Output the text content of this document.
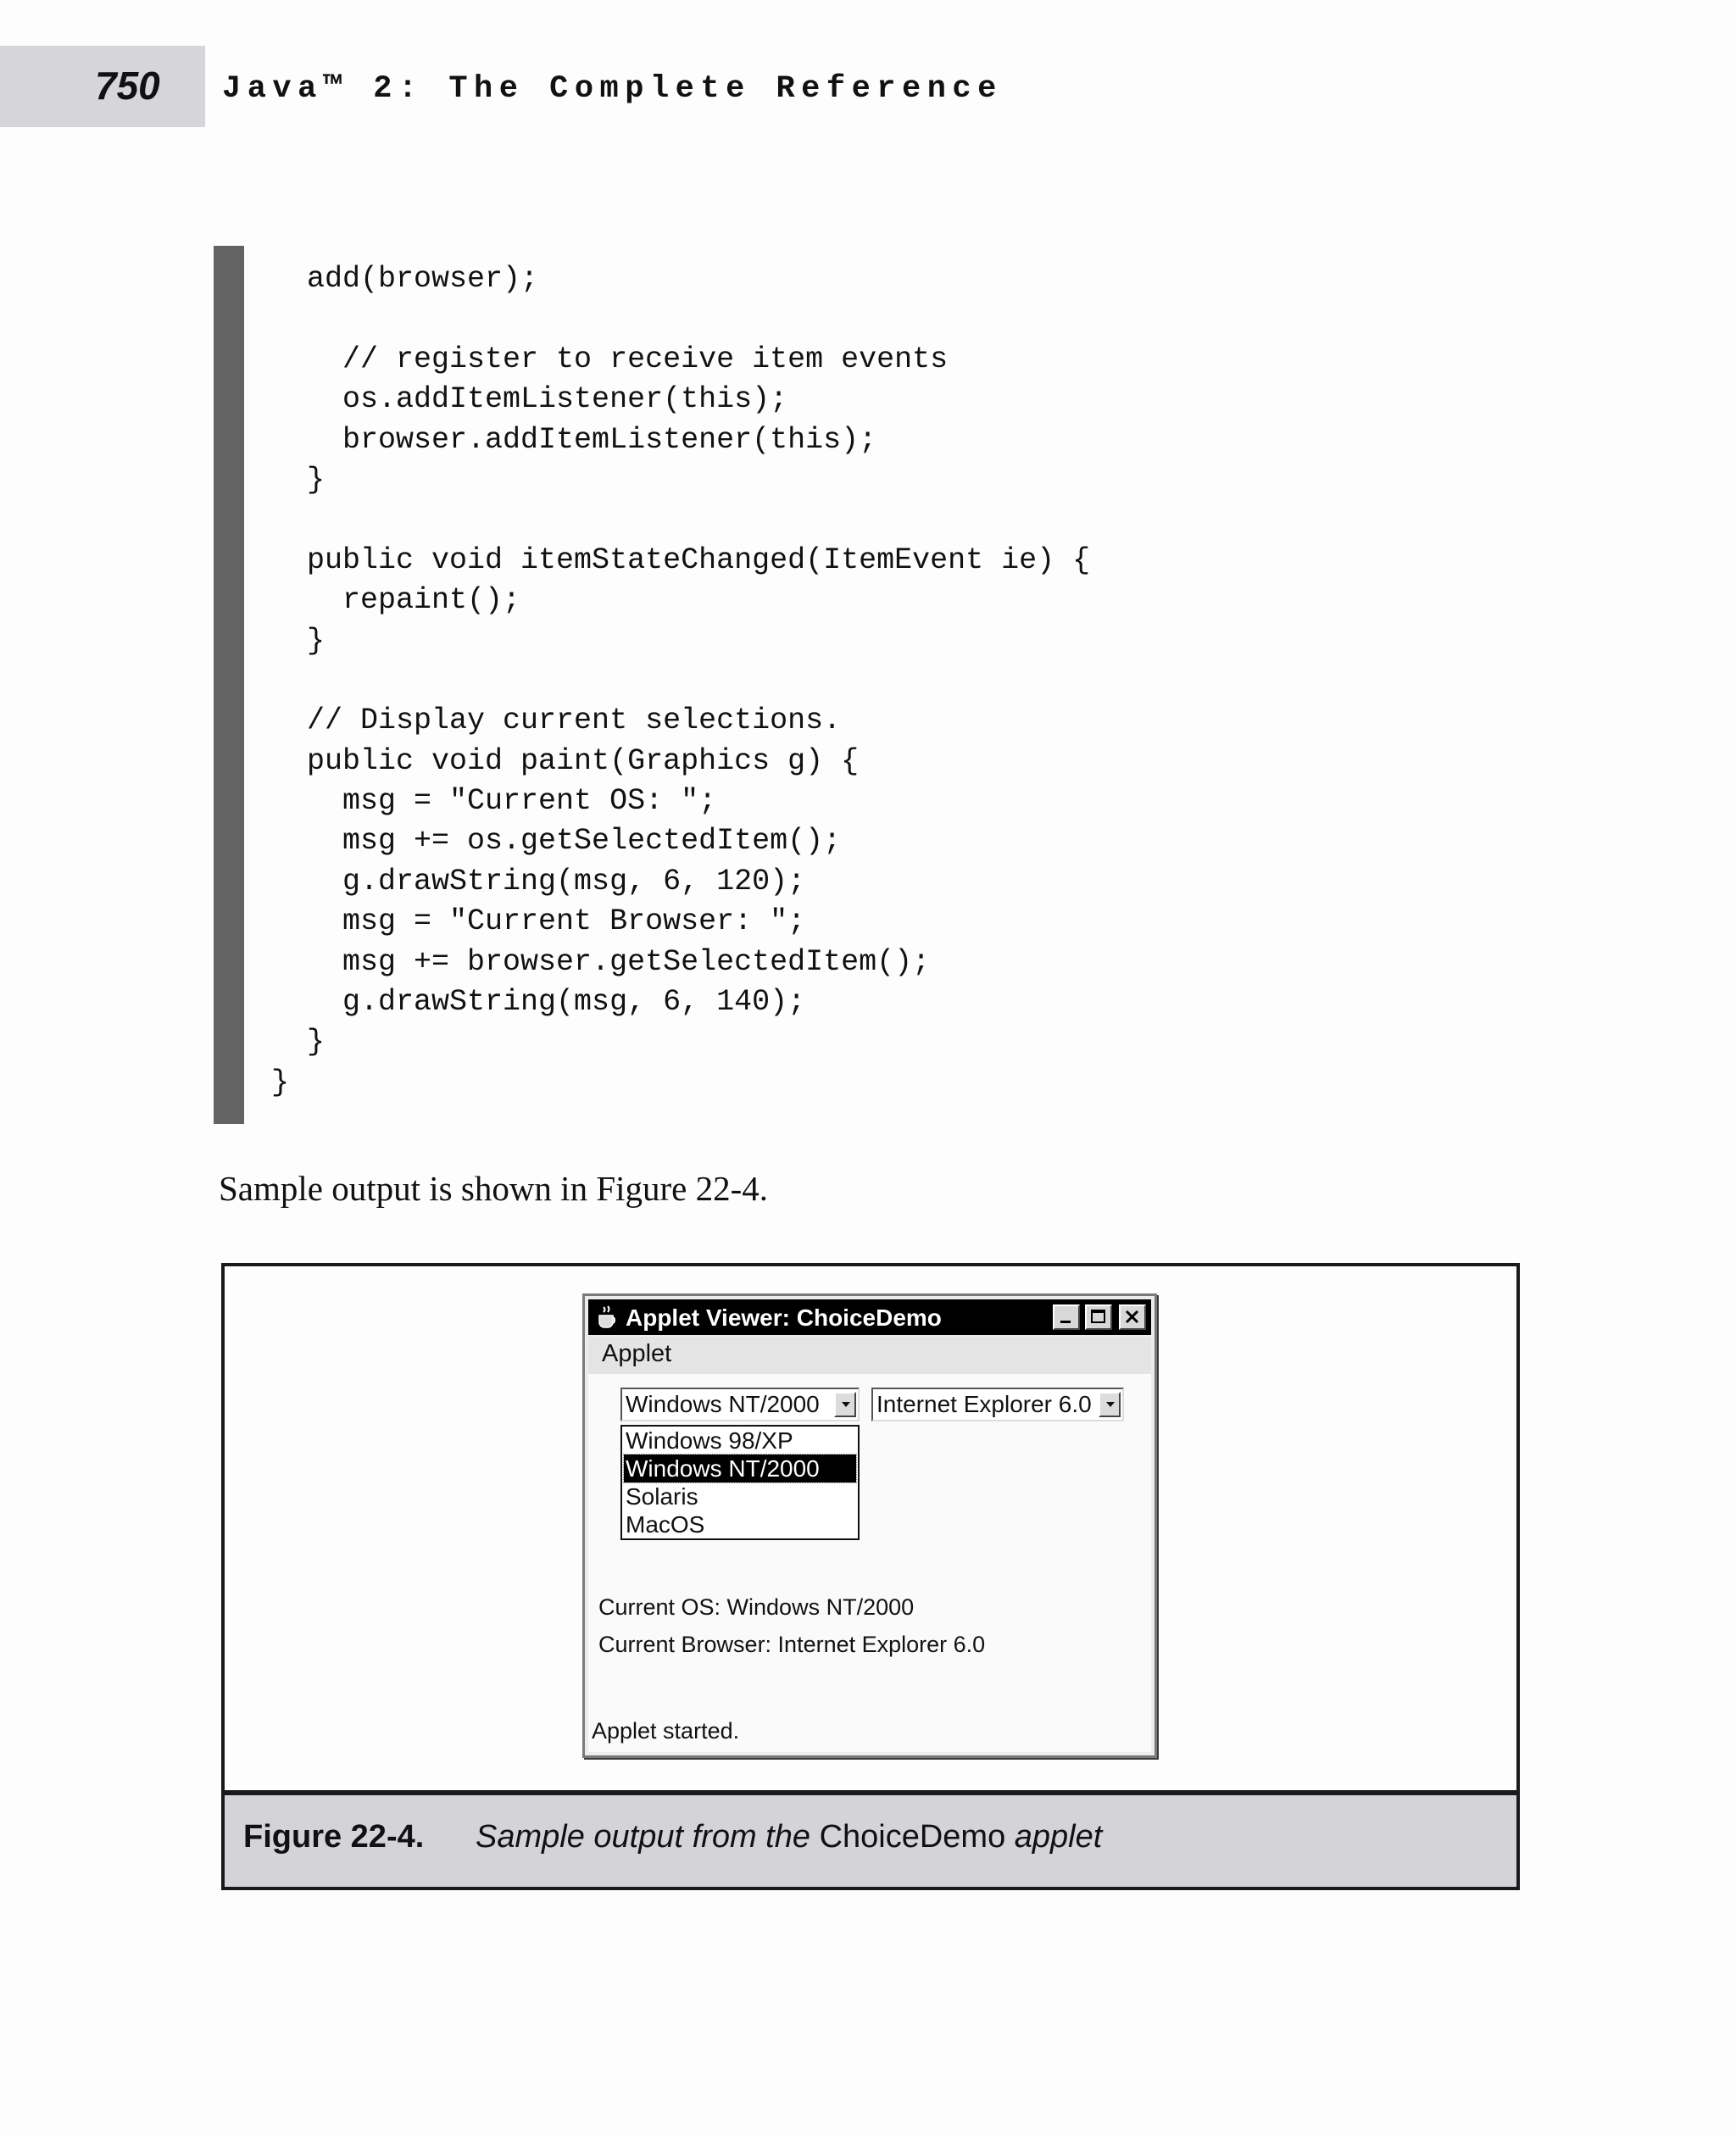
750 Java™ 2: The Complete Reference
add(browser);

// register to receive item events
os.addItemListener(this);
browser.addItemListener(this);
}

public void itemStateChanged(ItemEvent ie) {
repaint();
}

// Display current selections.
public void paint(Graphics g) {
msg = "Current OS: ";
msg += os.getSelectedItem();
g.drawString(msg, 6, 120);
msg = "Current Browser: ";
msg += browser.getSelectedItem();
g.drawString(msg, 6, 140);
}
}
Sample output is shown in Figure 22-4.
Applet Viewer: ChoiceDemo
Applet
Windows NT/2000 Internet Explorer 6.0
Windows 98/XP
Windows NT/2000
Solaris
MacOS
Current OS: Windows NT/2000
Current Browser: Internet Explorer 6.0
Applet started.
Figure 22-4. Sample output from the ChoiceDemo applet
